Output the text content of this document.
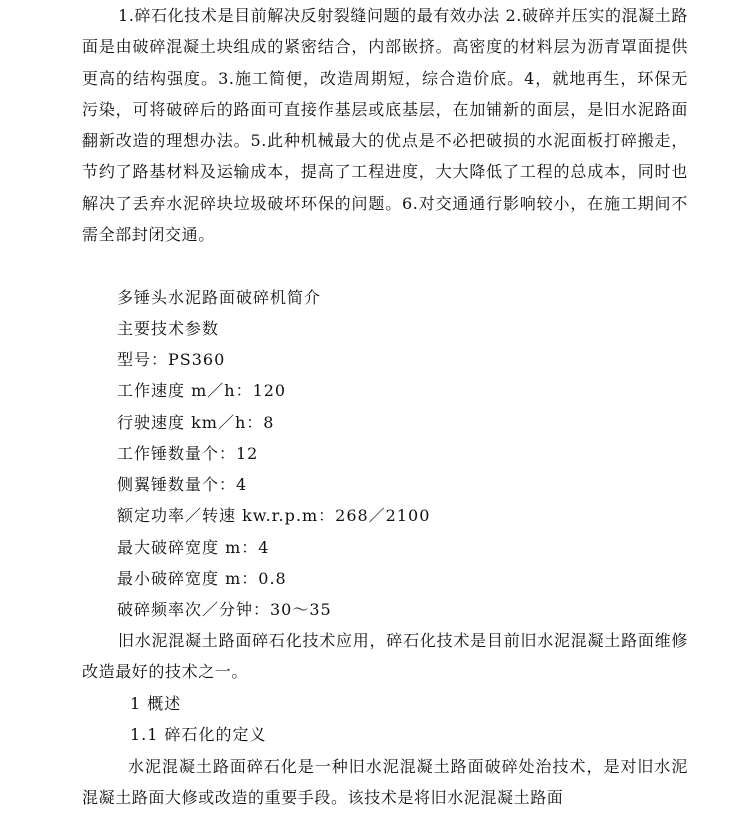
1.碎石化技术是目前解决反射裂缝问题的最有效办法 2.破碎并压实的混凝土路面是由破碎混凝土块组成的紧密结合，内部嵌挤。高密度的材料层为沥青罩面提供更高的结构强度。3.施工简便，改造周期短，综合造价底。4，就地再生，环保无污染，可将破碎后的路面可直接作基层或底基层，在加铺新的面层，是旧水泥路面翻新改造的理想办法。5.此种机械最大的优点是不必把破损的水泥面板打碎搬走，节约了路基材料及运输成本，提高了工程进度，大大降低了工程的总成本，同时也解决了丢弃水泥碎块垃圾破坏环保的问题。6.对交通通行影响较小，在施工期间不需全部封闭交通。

多锤头水泥路面破碎机简介

主要技术参数

型号：PS360

工作速度 m／h：120

行驶速度 km／h：8

工作锤数量个：12

侧翼锤数量个：4

额定功率／转速 kw.r.p.m：268／2100

最大破碎宽度 m：4

最小破碎宽度 m：0.8

破碎频率次／分钟：30～35

旧水泥混凝土路面碎石化技术应用，碎石化技术是目前旧水泥混凝土路面维修改造最好的技术之一。

1 概述

1.1 碎石化的定义

水泥混凝土路面碎石化是一种旧水泥混凝土路面破碎处治技术，是对旧水泥混凝土路面大修或改造的重要手段。该技术是将旧水泥混凝土路面
